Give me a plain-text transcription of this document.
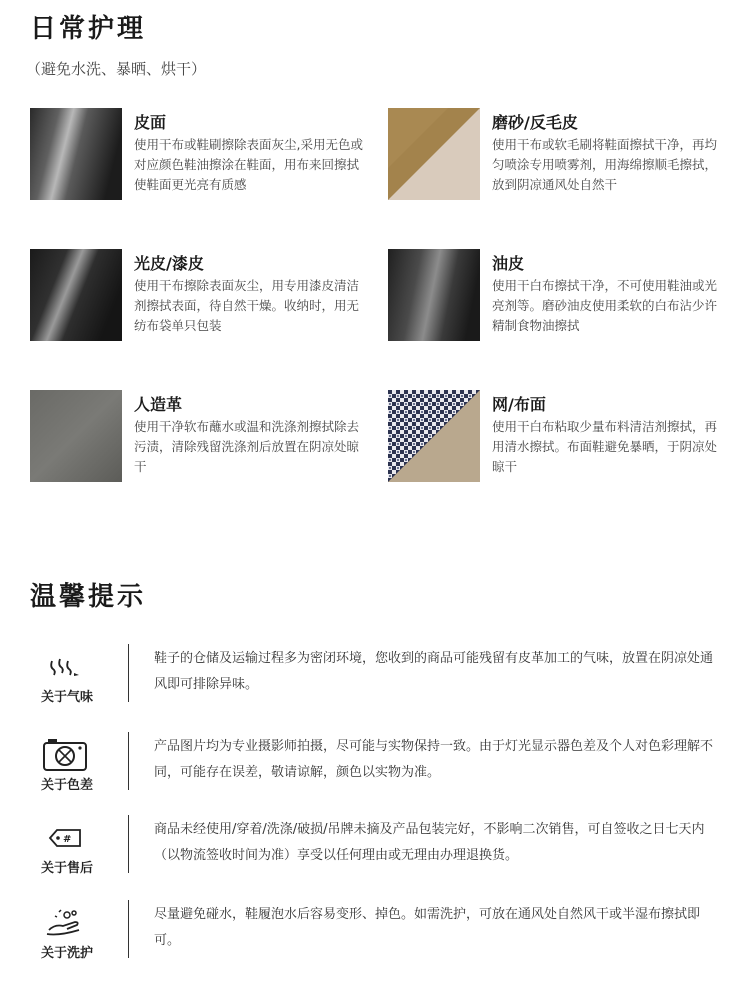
日常护理
（避免水洗、暴晒、烘干）
皮面
使用干布或鞋刷擦除表面灰尘,采用无色或对应颜色鞋油擦涂在鞋面，用布来回擦拭使鞋面更光亮有质感
磨砂/反毛皮
使用干布或软毛刷将鞋面擦拭干净，再均匀喷涂专用喷雾剂，用海绵擦顺毛擦拭，放到阴凉通风处自然干
光皮/漆皮
使用干布擦除表面灰尘，用专用漆皮清洁剂擦拭表面，待自然干燥。收纳时，用无纺布袋单只包装
油皮
使用干白布擦拭干净，不可使用鞋油或光亮剂等。磨砂油皮使用柔软的白布沾少许精制食物油擦拭
人造革
使用干净软布蘸水或温和洗涤剂擦拭除去污渍，清除残留洗涤剂后放置在阴凉处晾干
网/布面
使用干白布粘取少量布料清洁剂擦拭，再用清水擦拭。布面鞋避免暴晒，于阴凉处晾干
温馨提示
关于气味
鞋子的仓储及运输过程多为密闭环境，您收到的商品可能残留有皮革加工的气味，放置在阴凉处通风即可排除异味。
关于色差
产品图片均为专业摄影师拍摄，尽可能与实物保持一致。由于灯光显示器色差及个人对色彩理解不同，可能存在误差，敬请谅解，颜色以实物为准。
#
关于售后
商品未经使用/穿着/洗涤/破损/吊牌未摘及产品包装完好，不影响二次销售，可自签收之日七天内（以物流签收时间为准）享受以任何理由或无理由办理退换货。
关于洗护
尽量避免碰水，鞋履泡水后容易变形、掉色。如需洗护，可放在通风处自然风干或半湿布擦拭即可。
